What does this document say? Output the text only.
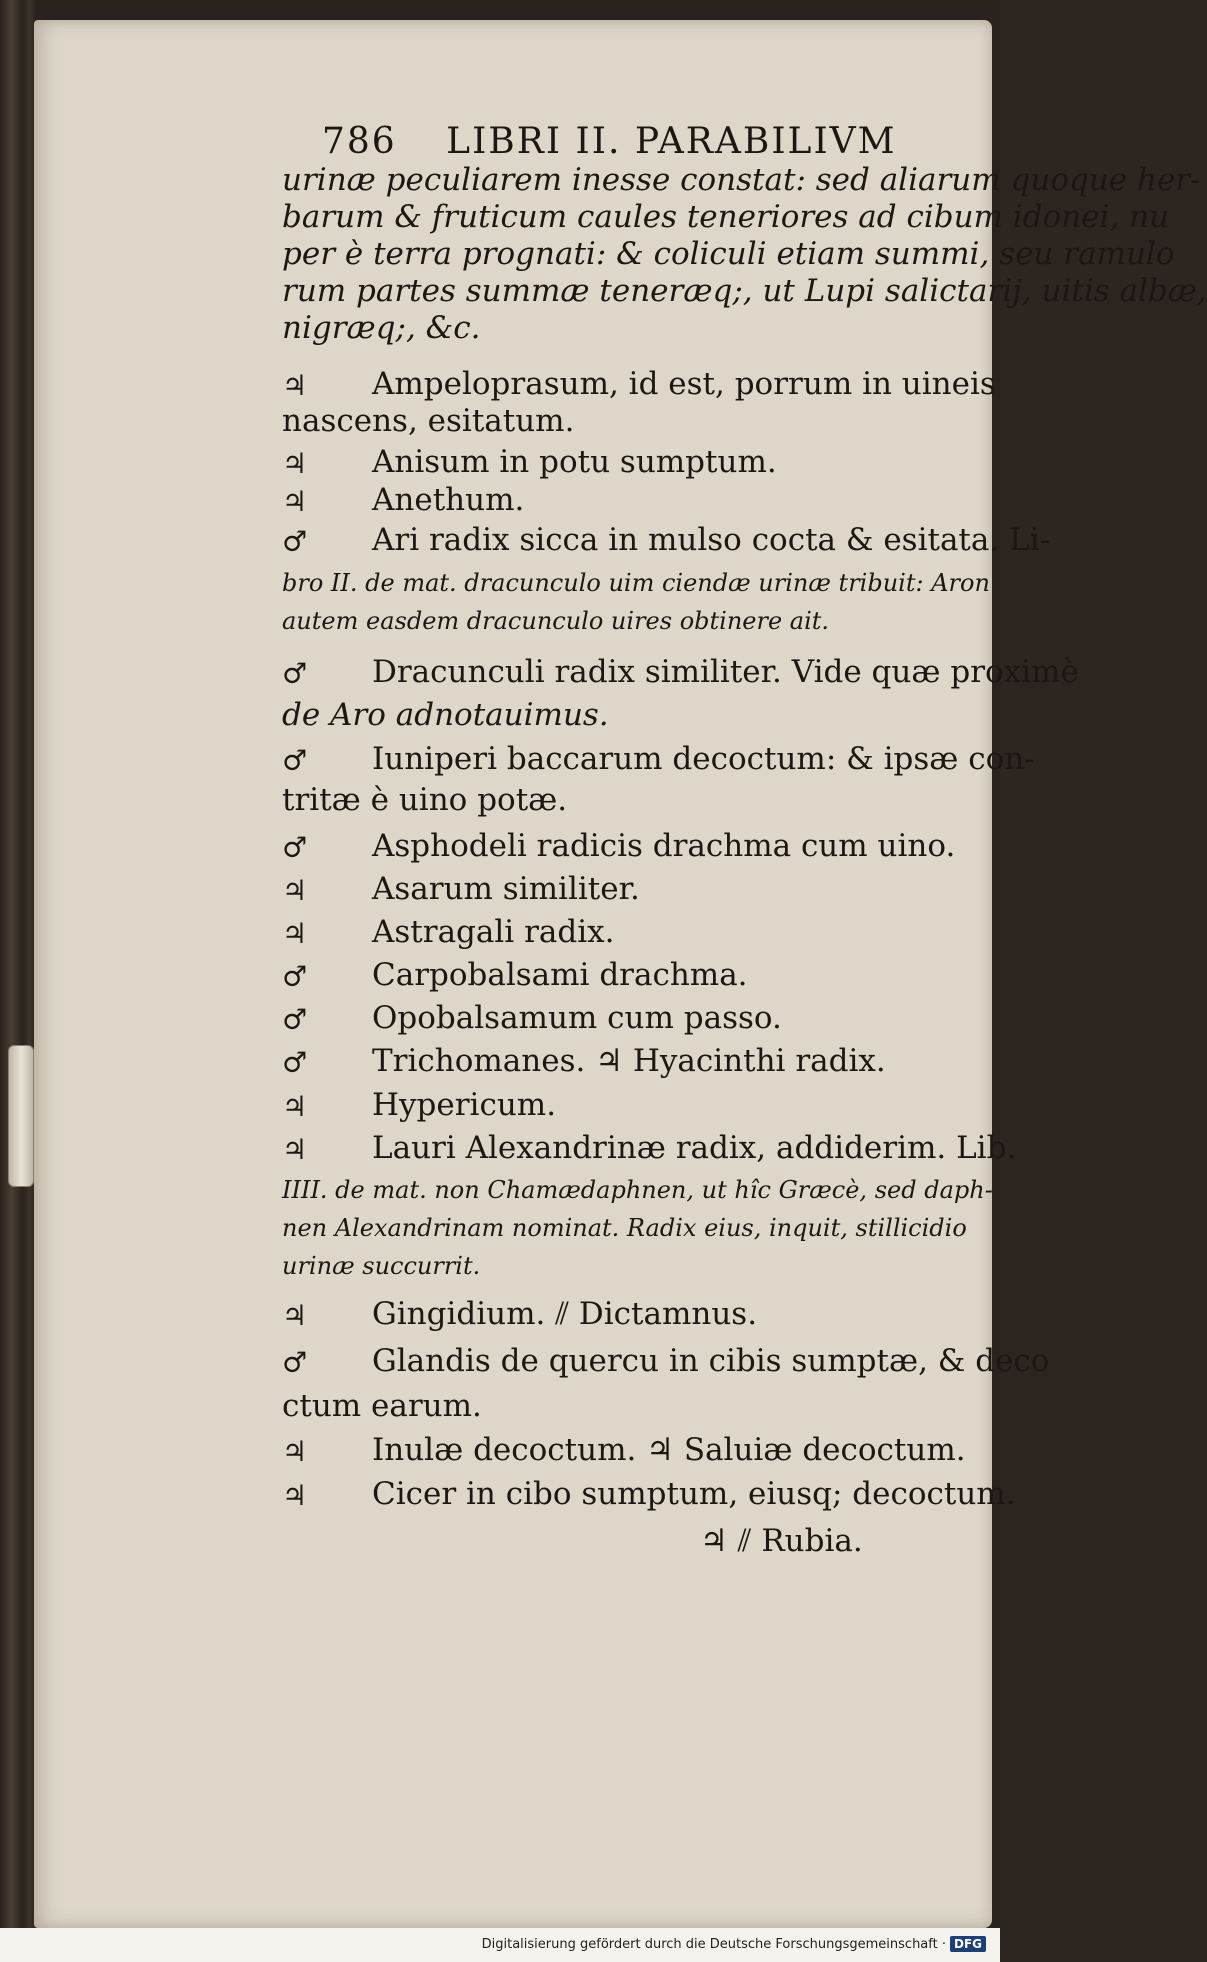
786 LIBRI II. PARABILIVM
urinæ peculiarem inesse constat: sed aliarum quoque her-
barum & fruticum caules teneriores ad cibum idonei, nu
per è terra prognati: & coliculi etiam summi, seu ramulo
rum partes summæ teneræq;, ut Lupi salictarij, uitis albæ,
nigræq;, &c.
♃ Ampeloprasum, id est, porrum in uineis
nascens, esitatum.
♃ Anisum in potu sumptum.
♃ Anethum.
♂ Ari radix sicca in mulso cocta & esitata. Li-
bro II. de mat. dracunculo uim ciendæ urinæ tribuit: Aron
autem easdem dracunculo uires obtinere ait.
♂ Dracunculi radix similiter. Vide quæ proximè
de Aro adnotauimus.
♂ Iuniperi baccarum decoctum: & ipsæ con-
tritæ è uino potæ.
♂ Asphodeli radicis drachma cum uino.
♃ Asarum similiter.
♃ Astragali radix.
♂ Carpobalsami drachma.
♂ Opobalsamum cum passo.
♂ Trichomanes. ♃ Hyacinthi radix.
♃ Hypericum.
♃ Lauri Alexandrinæ radix, addiderim. Lib.
IIII. de mat. non Chamædaphnen, ut hîc Græcè, sed daph-
nen Alexandrinam nominat. Radix eius, inquit, stillicidio
urinæ succurrit.
♃ Gingidium. ⫽ Dictamnus.
♂ Glandis de quercu in cibis sumptæ, & deco
ctum earum.
♃ Inulæ decoctum. ♃ Saluiæ decoctum.
♃ Cicer in cibo sumptum, eiusq; decoctum.
♃ ⫽ Rubia.
Digitalisierung gefördert durch die Deutsche Forschungsgemeinschaft · DFG
